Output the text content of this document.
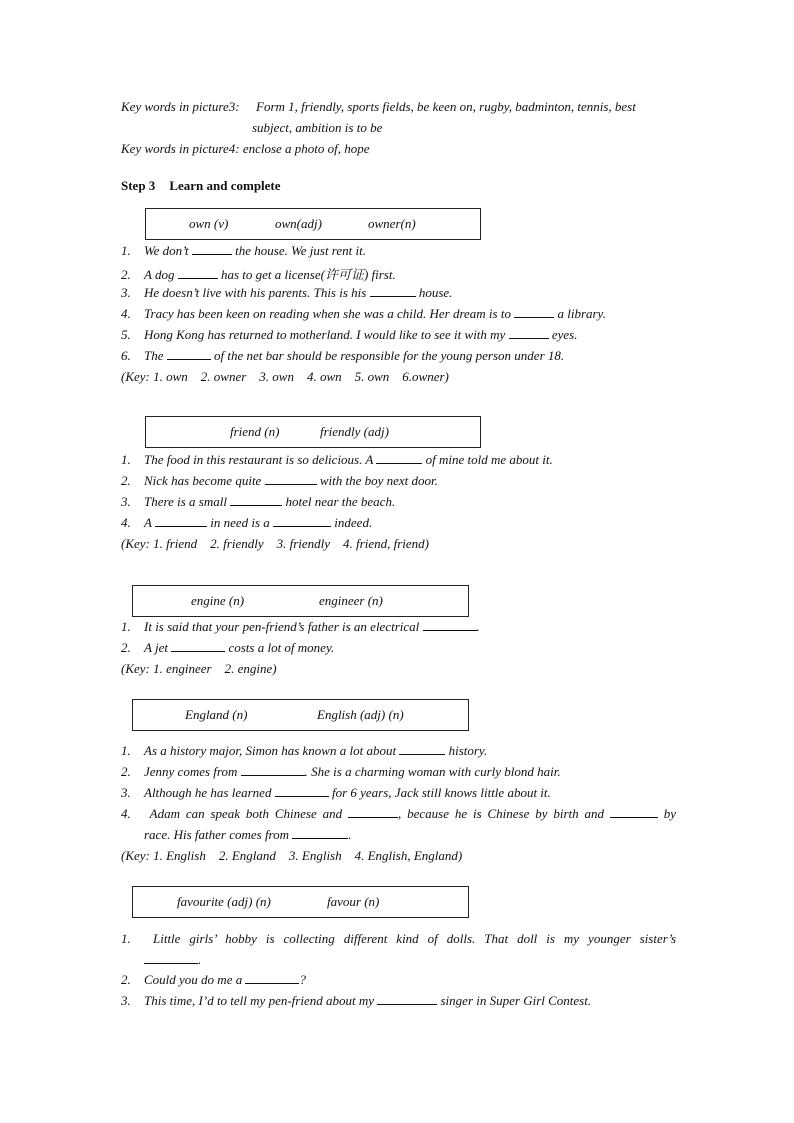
Key words in picture3: Form 1, friendly, sports fields, be keen on, rugby, badminton, tennis, best
subject, ambition is to be
Key words in picture4: enclose a photo of, hope
Step 3 Learn and complete
own (v)	own(adj)	owner(n)
1. We don’t	the house. We just rent it.
2. A dog	has to get a license(许可证) first.
3. He doesn’t live with his parents. This is his	house.
4. Tracy has been keen on reading when she was a child. Her dream is to	a library.
5. Hong Kong has returned to motherland. I would like to see it with my	eyes.
6. The	of the net bar should be responsible for the young person under 18.
(Key: 1. own    2. owner    3. own    4. own    5. own    6.owner)
friend (n)	friendly (adj)
1. The food in this restaurant is so delicious. A	of mine told me about it.
2. Nick has become quite	with the boy next door.
3. There is a small	hotel near the beach.
4. A	in need is a	indeed.
(Key: 1. friend    2. friendly    3. friendly    4. friend, friend)
engine (n)	engineer (n)
1. It is said that your pen-friend’s father is an electrical	.
2. A jet	costs a lot of money.
(Key: 1. engineer    2. engine)
England (n)	English (adj) (n)
1. As a history major, Simon has known a lot about	history.
2. Jenny comes from	. She is a charming woman with curly blond hair.
3. Although he has learned	for 6 years, Jack still knows little about it.
4. Adam can speak both Chinese and	, because he is Chinese by birth and	by
race. His father comes from	.
(Key: 1. English    2. England    3. English    4. English, England)
favourite (adj) (n)	favour (n)
1. Little girls’ hobby is collecting different kind of dolls. That doll is my younger sister’s
.
2. Could you do me a	?
3. This time, I’d to tell my pen-friend about my	singer in Super Girl Contest.
